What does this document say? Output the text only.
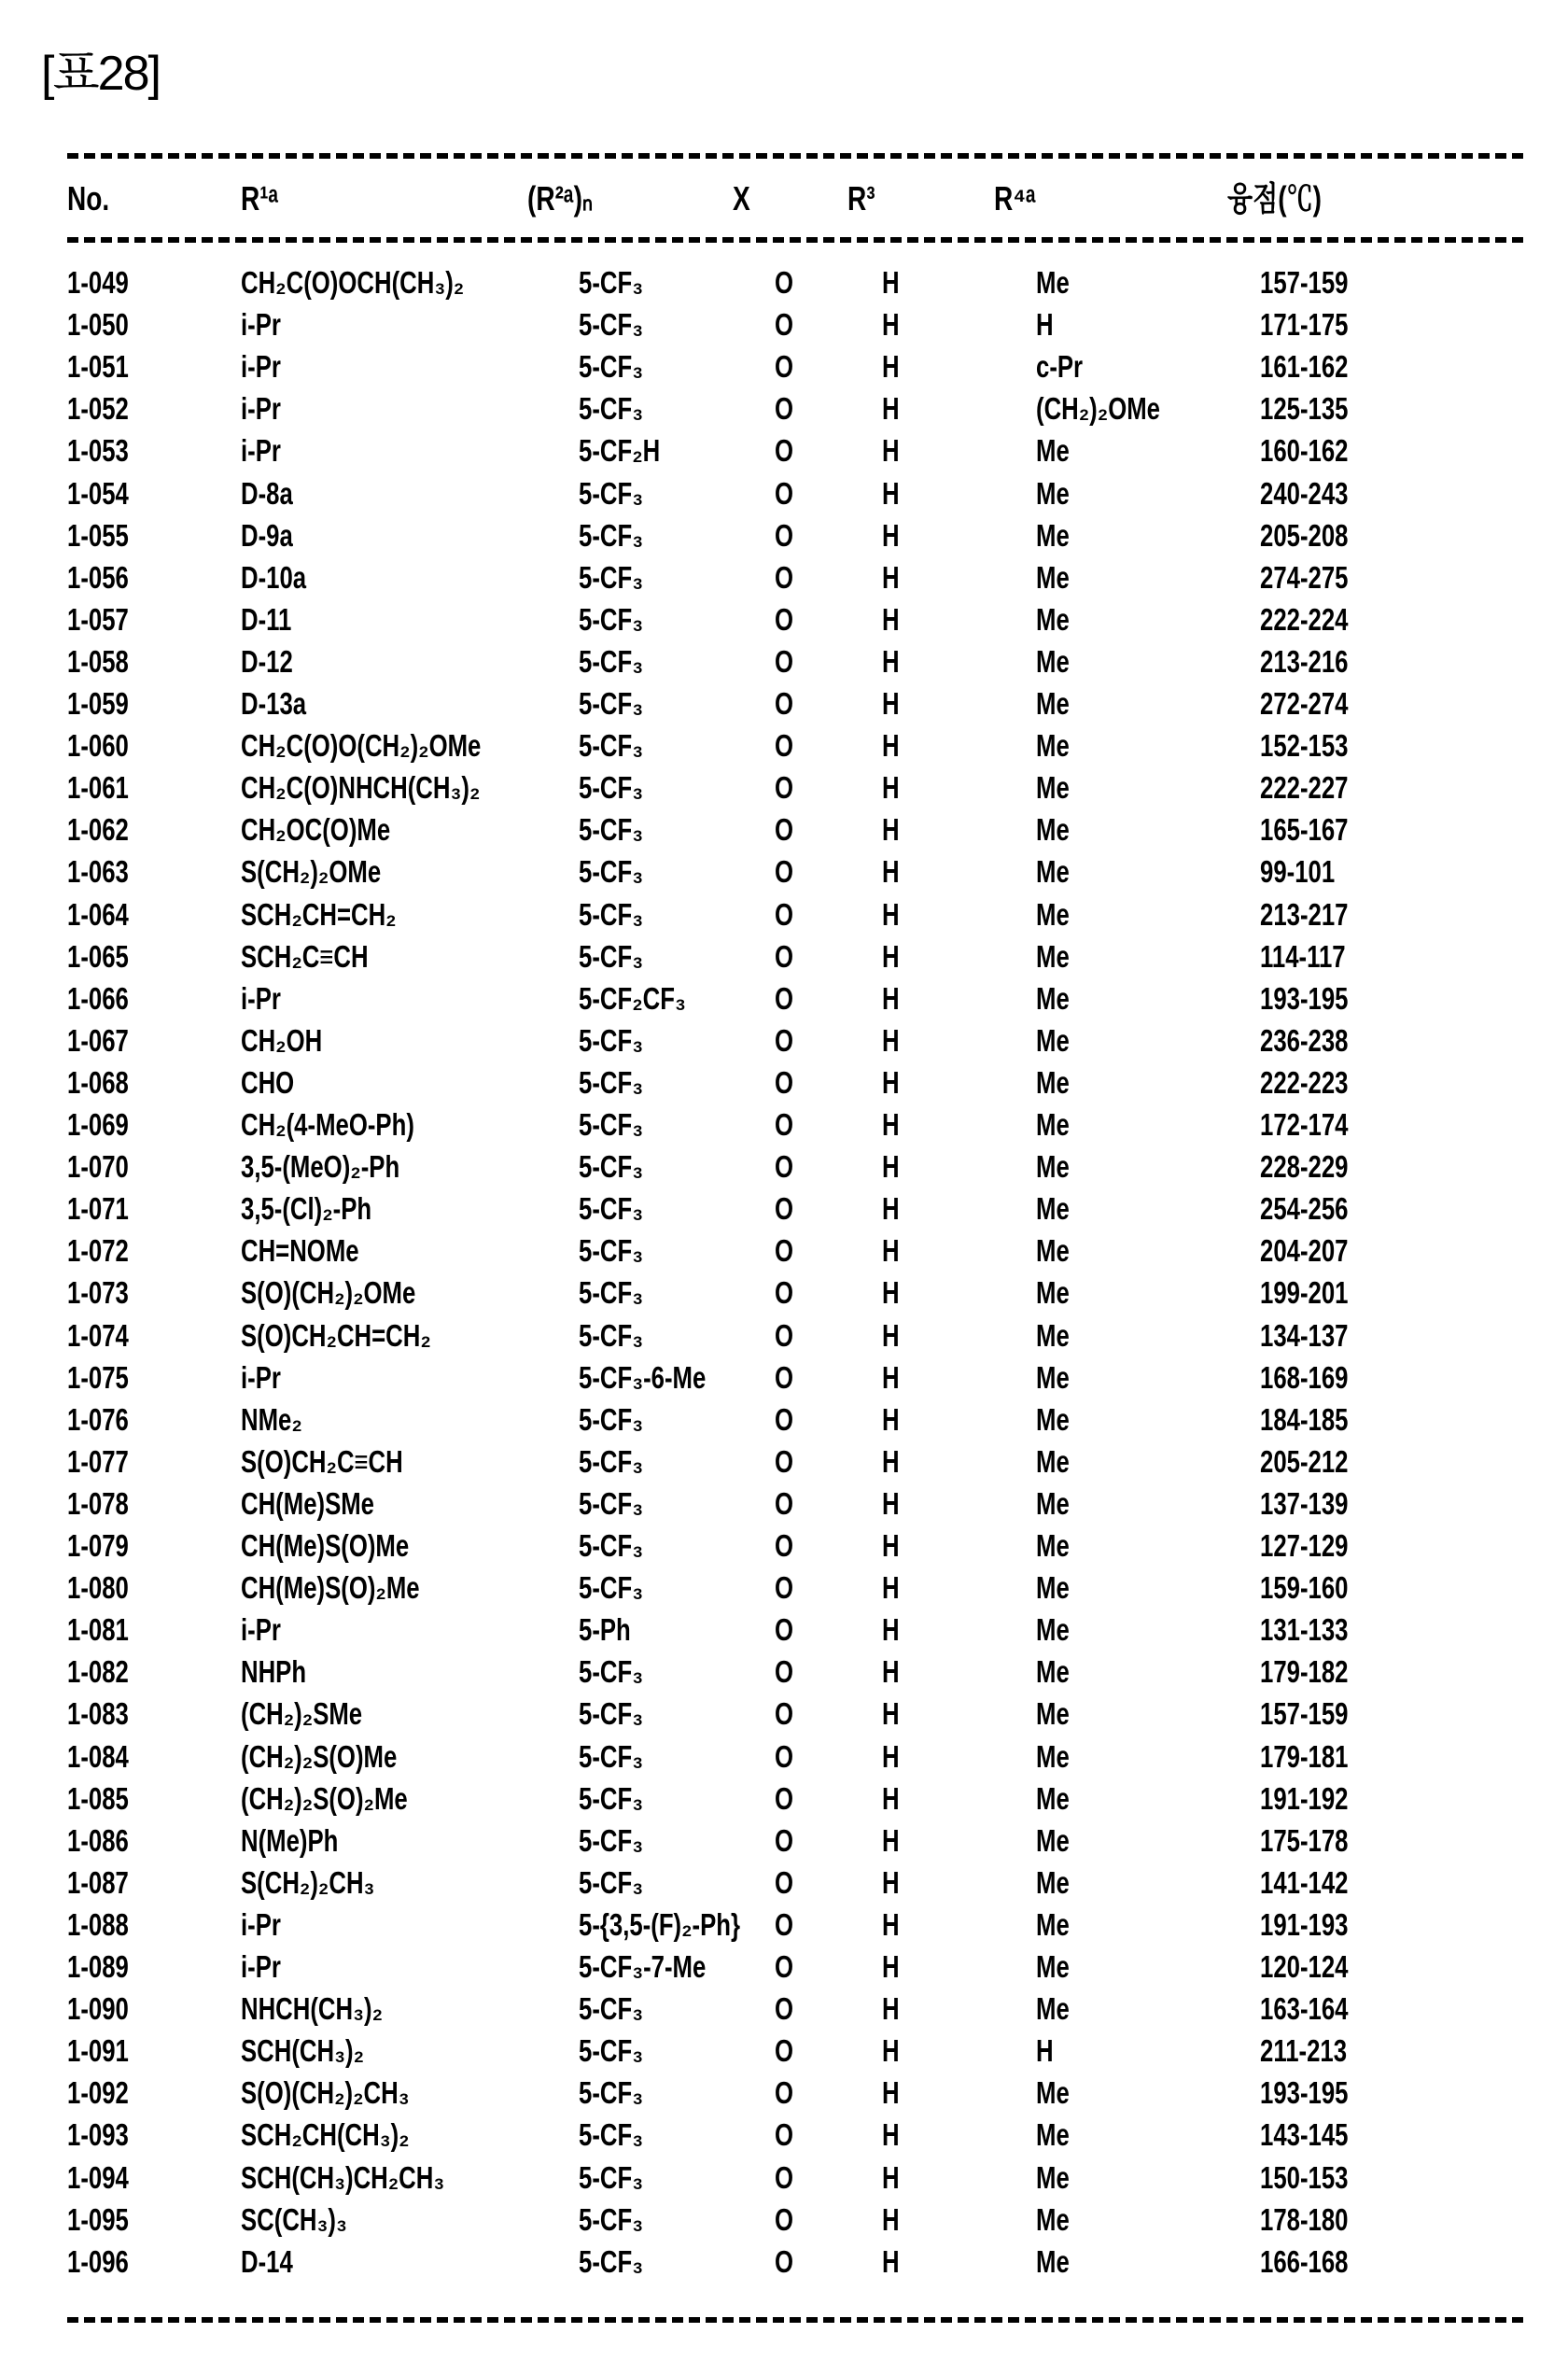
[표28]
No.	R¹ᵃ	(R²ᵃ)ₙ	X	R³	R⁴ᵃ	융점(℃)
1-049	CH₂C(O)OCH(CH₃)₂	5-CF₃	O	H	Me	157-159
1-050	i-Pr	5-CF₃	O	H	H	171-175
1-051	i-Pr	5-CF₃	O	H	c-Pr	161-162
1-052	i-Pr	5-CF₃	O	H	(CH₂)₂OMe	125-135
1-053	i-Pr	5-CF₂H	O	H	Me	160-162
1-054	D-8a	5-CF₃	O	H	Me	240-243
1-055	D-9a	5-CF₃	O	H	Me	205-208
1-056	D-10a	5-CF₃	O	H	Me	274-275
1-057	D-11	5-CF₃	O	H	Me	222-224
1-058	D-12	5-CF₃	O	H	Me	213-216
1-059	D-13a	5-CF₃	O	H	Me	272-274
1-060	CH₂C(O)O(CH₂)₂OMe	5-CF₃	O	H	Me	152-153
1-061	CH₂C(O)NHCH(CH₃)₂	5-CF₃	O	H	Me	222-227
1-062	CH₂OC(O)Me	5-CF₃	O	H	Me	165-167
1-063	S(CH₂)₂OMe	5-CF₃	O	H	Me	99-101
1-064	SCH₂CH=CH₂	5-CF₃	O	H	Me	213-217
1-065	SCH₂C≡CH	5-CF₃	O	H	Me	114-117
1-066	i-Pr	5-CF₂CF₃	O	H	Me	193-195
1-067	CH₂OH	5-CF₃	O	H	Me	236-238
1-068	CHO	5-CF₃	O	H	Me	222-223
1-069	CH₂(4-MeO-Ph)	5-CF₃	O	H	Me	172-174
1-070	3,5-(MeO)₂-Ph	5-CF₃	O	H	Me	228-229
1-071	3,5-(Cl)₂-Ph	5-CF₃	O	H	Me	254-256
1-072	CH=NOMe	5-CF₃	O	H	Me	204-207
1-073	S(O)(CH₂)₂OMe	5-CF₃	O	H	Me	199-201
1-074	S(O)CH₂CH=CH₂	5-CF₃	O	H	Me	134-137
1-075	i-Pr	5-CF₃-6-Me O	H	Me	168-169
1-076	NMe₂	5-CF₃	O	H	Me	184-185
1-077	S(O)CH₂C≡CH	5-CF₃	O	H	Me	205-212
1-078	CH(Me)SMe	5-CF₃	O	H	Me	137-139
1-079	CH(Me)S(O)Me	5-CF₃	O	H	Me	127-129
1-080	CH(Me)S(O)₂Me	5-CF₃	O	H	Me	159-160
1-081	i-Pr	5-Ph	O	H	Me	131-133
1-082	NHPh	5-CF₃	O	H	Me	179-182
1-083	(CH₂)₂SMe	5-CF₃	O	H	Me	157-159
1-084	(CH₂)₂S(O)Me	5-CF₃	O	H	Me	179-181
1-085	(CH₂)₂S(O)₂Me	5-CF₃	O	H	Me	191-192
1-086	N(Me)Ph	5-CF₃	O	H	Me	175-178
1-087	S(CH₂)₂CH₃	5-CF₃	O	H	Me	141-142
1-088	i-Pr	5-{3,5-(F)₂-Ph} O	H	Me	191-193
1-089	i-Pr	5-CF₃-7-Me O	H	Me	120-124
1-090	NHCH(CH₃)₂	5-CF₃	O	H	Me	163-164
1-091	SCH(CH₃)₂	5-CF₃	O	H	H	211-213
1-092	S(O)(CH₂)₂CH₃	5-CF₃	O	H	Me	193-195
1-093	SCH₂CH(CH₃)₂	5-CF₃	O	H	Me	143-145
1-094	SCH(CH₃)CH₂CH₃	5-CF₃	O	H	Me	150-153
1-095	SC(CH₃)₃	5-CF₃	O	H	Me	178-180
1-096	D-14	5-CF₃	O	H	Me	166-168
